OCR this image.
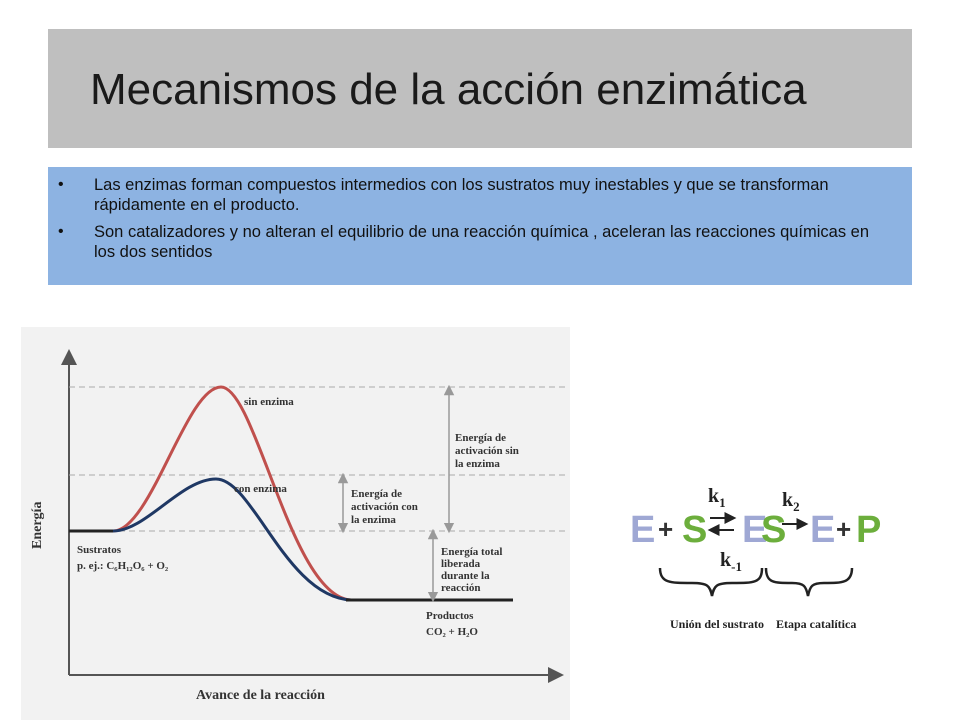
Mecanismos de la acción enzimática
• Las enzimas forman compuestos intermedios con los sustratos muy inestables y que se transforman rápidamente en el producto.
• Son catalizadores y no alteran el equilibrio de una reacción química , aceleran las reacciones químicas en los dos sentidos
sin enzima
con enzima
Energía de
activación sin
la enzima
Energía de
activación con
la enzima
Energía total
liberada
durante la
reacción
Sustratos
p. ej.: C₆H₁₂O₆ + O₂
Productos
CO₂ + H₂O
Energía
Avance de la reacción
E + S E
S E + P
$k_1$	$k_2$
$k_{-1}$
Unión del sustrato Etapa catalítica
